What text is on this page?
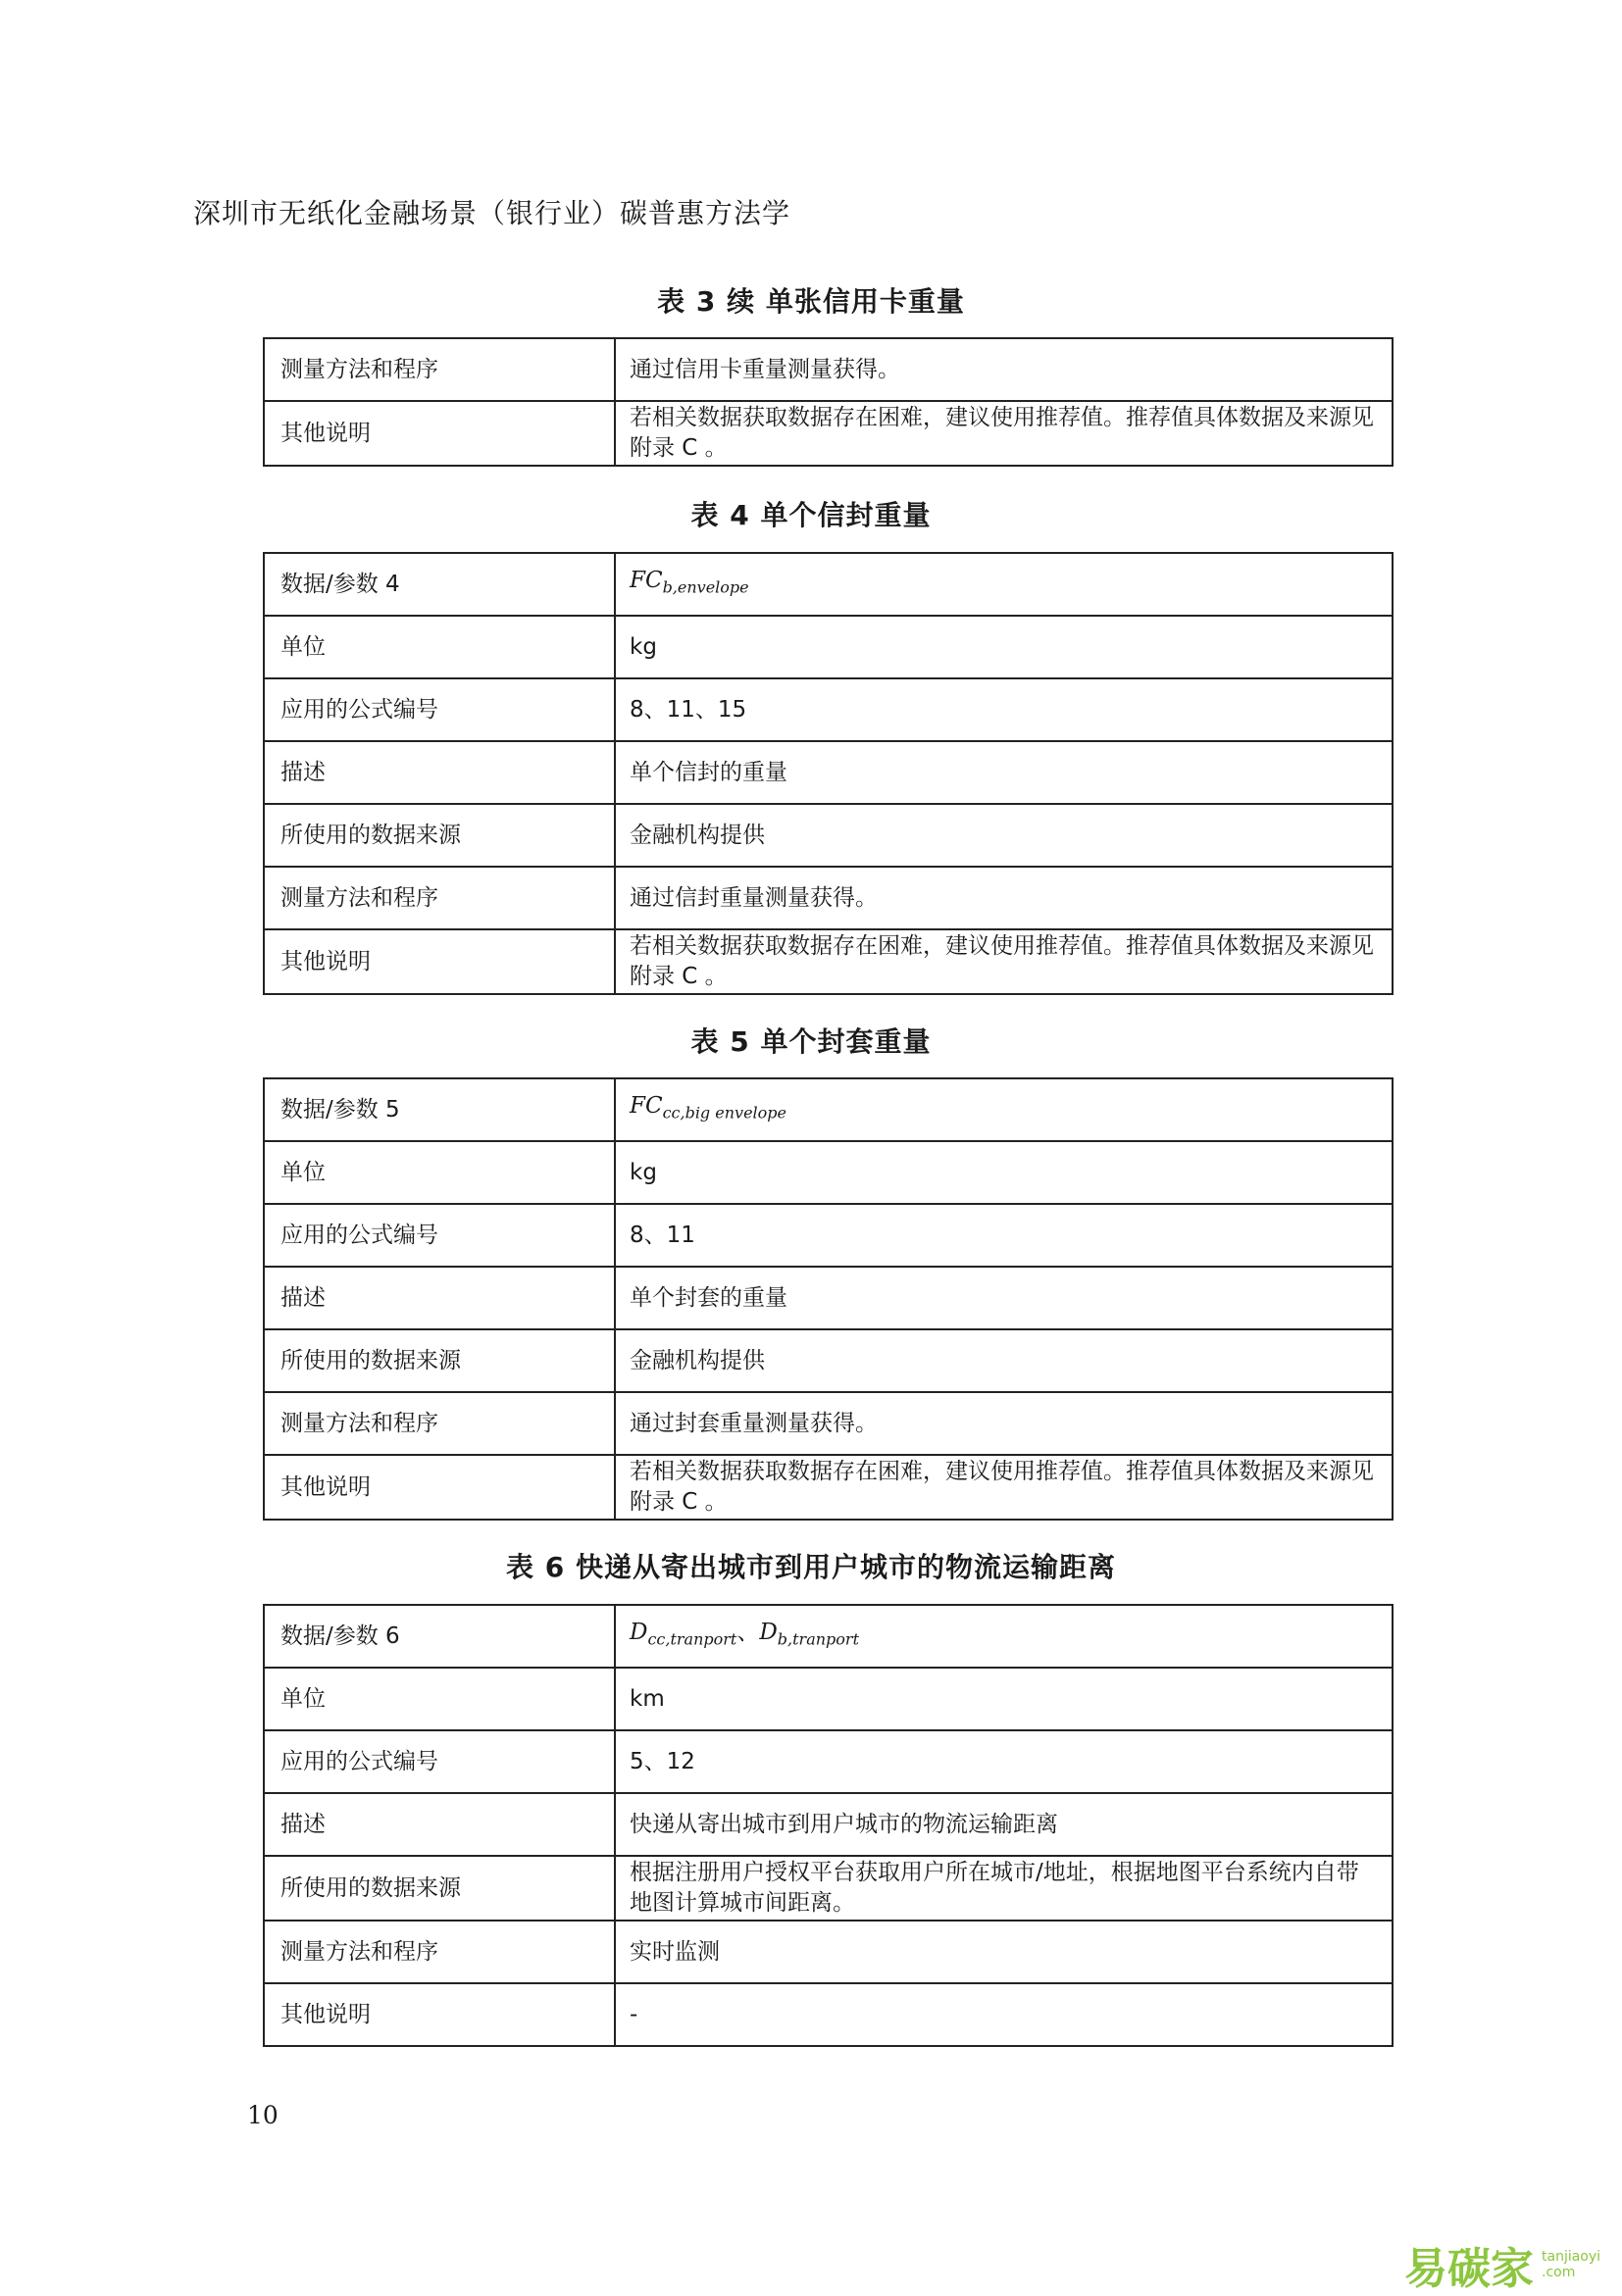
深圳市无纸化金融场景（银行业）碳普惠方法学
表 3 续 单张信用卡重量
测量方法和程序	通过信用卡重量测量获得。
其他说明	若相关数据获取数据存在困难，建议使用推荐值。推荐值具体数据及来源见附录 C 。
表 4 单个信封重量
数据/参数 4	$FC_{b,envelope}$
单位	kg
应用的公式编号	8、11、15
描述	单个信封的重量
所使用的数据来源	金融机构提供
测量方法和程序	通过信封重量测量获得。
其他说明	若相关数据获取数据存在困难，建议使用推荐值。推荐值具体数据及来源见附录 C 。
表 5 单个封套重量
数据/参数 5	$FC_{cc,big envelope}$
单位	kg
应用的公式编号	8、11
描述	单个封套的重量
所使用的数据来源	金融机构提供
测量方法和程序	通过封套重量测量获得。
其他说明	若相关数据获取数据存在困难，建议使用推荐值。推荐值具体数据及来源见附录 C 。
表 6 快递从寄出城市到用户城市的物流运输距离
数据/参数 6	$D_{cc,tranport}$、$D_{b,tranport}$
单位	km
应用的公式编号	5、12
描述	快递从寄出城市到用户城市的物流运输距离
所使用的数据来源	根据注册用户授权平台获取用户所在城市/地址，根据地图平台系统内自带地图计算城市间距离。
测量方法和程序	实时监测
其他说明	-
10
易碳家 tanjiaoyi
.com
